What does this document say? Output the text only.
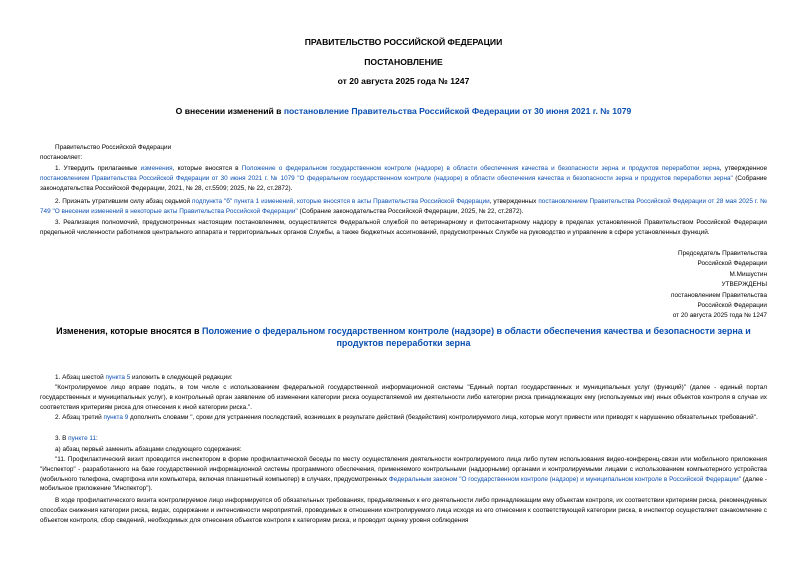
ПРАВИТЕЛЬСТВО РОССИЙСКОЙ ФЕДЕРАЦИИ
ПОСТАНОВЛЕНИЕ
от 20 августа 2025 года № 1247
О внесении изменений в постановление Правительства Российской Федерации от 30 июня 2021 г. № 1079
Правительство Российской Федерации
постановляет:
1. Утвердить прилагаемые изменения, которые вносятся в Положение о федеральном государственном контроле (надзоре) в области обеспечения качества и безопасности зерна и продуктов переработки зерна, утвержденное постановлением Правительства Российской Федерации от 30 июня 2021 г. № 1079 "О федеральном государственном контроле (надзоре) в области обеспечения качества и безопасности зерна и продуктов переработки зерна" (Собрание законодательства Российской Федерации, 2021, № 28, ст.5509; 2025, № 22, ст.2872).
2. Признать утратившим силу абзац седьмой подпункта "б" пункта 1 изменений, которые вносятся в акты Правительства Российской Федерации, утвержденных постановлением Правительства Российской Федерации от 28 мая 2025 г. № 749 "О внесении изменений в некоторые акты Правительства Российской Федерации" (Собрание законодательства Российской Федерации, 2025, № 22, ст.2872).
3. Реализация полномочий, предусмотренных настоящим постановлением, осуществляется Федеральной службой по ветеринарному и фитосанитарному надзору в пределах установленной Правительством Российской Федерации предельной численности работников центрального аппарата и территориальных органов Службы, а также бюджетных ассигнований, предусмотренных Службе на руководство и управление в сфере установленных функций.
Председатель Правительства
Российской Федерации
М.Мишустин
УТВЕРЖДЕНЫ
постановлением Правительства
Российской Федерации
от 20 августа 2025 года № 1247
Изменения, которые вносятся в Положение о федеральном государственном контроле (надзоре) в области обеспечения качества и безопасности зерна и
продуктов переработки зерна
1. Абзац шестой пункта 5 изложить в следующей редакции:
"Контролируемое лицо вправе подать, в том числе с использованием федеральной государственной информационной системы "Единый портал государственных и муниципальных услуг (функций)" (далее - единый портал государственных и муниципальных услуг), в контрольный орган заявление об изменении категории риска осуществляемой им деятельности либо категории риска принадлежащих ему (используемых им) иных объектов контроля в случае их соответствия критериям риска для отнесения к иной категории риска.".
2. Абзац третий пункта 9 дополнить словами ", сроки для устранения последствий, возникших в результате действий (бездействия) контролируемого лица, которые могут привести или приводят к нарушению обязательных требований".
3. В пункте 11:
а) абзац первый заменить абзацами следующего содержания:
"11. Профилактический визит проводится инспектором в форме профилактической беседы по месту осуществления деятельности контролируемого лица либо путем использования видео-конференц-связи или мобильного приложения "Инспектор" - разработанного на базе государственной информационной системы программного обеспечения, применяемого контрольными (надзорными) органами и контролируемыми лицами с использованием компьютерного устройства (мобильного телефона, смартфона или компьютера, включая планшетный компьютер) в случаях, предусмотренных Федеральным законом "О государственном контроле (надзоре) и муниципальном контроле в Российской Федерации" (далее - мобильное приложение "Инспектор").
В ходе профилактического визита контролируемое лицо информируется об обязательных требованиях, предъявляемых к его деятельности либо принадлежащим ему объектам контроля, их соответствии критериям риска, рекомендуемых способах снижения категории риска, видах, содержании и интенсивности мероприятий, проводимых в отношении контролируемого лица исходя из его отнесения к соответствующей категории риска, в инспектор осуществляет ознакомление с объектом контроля, сбор сведений, необходимых для отнесения объектов контроля к категориям риска, и проводит оценку уровня соблюдения
